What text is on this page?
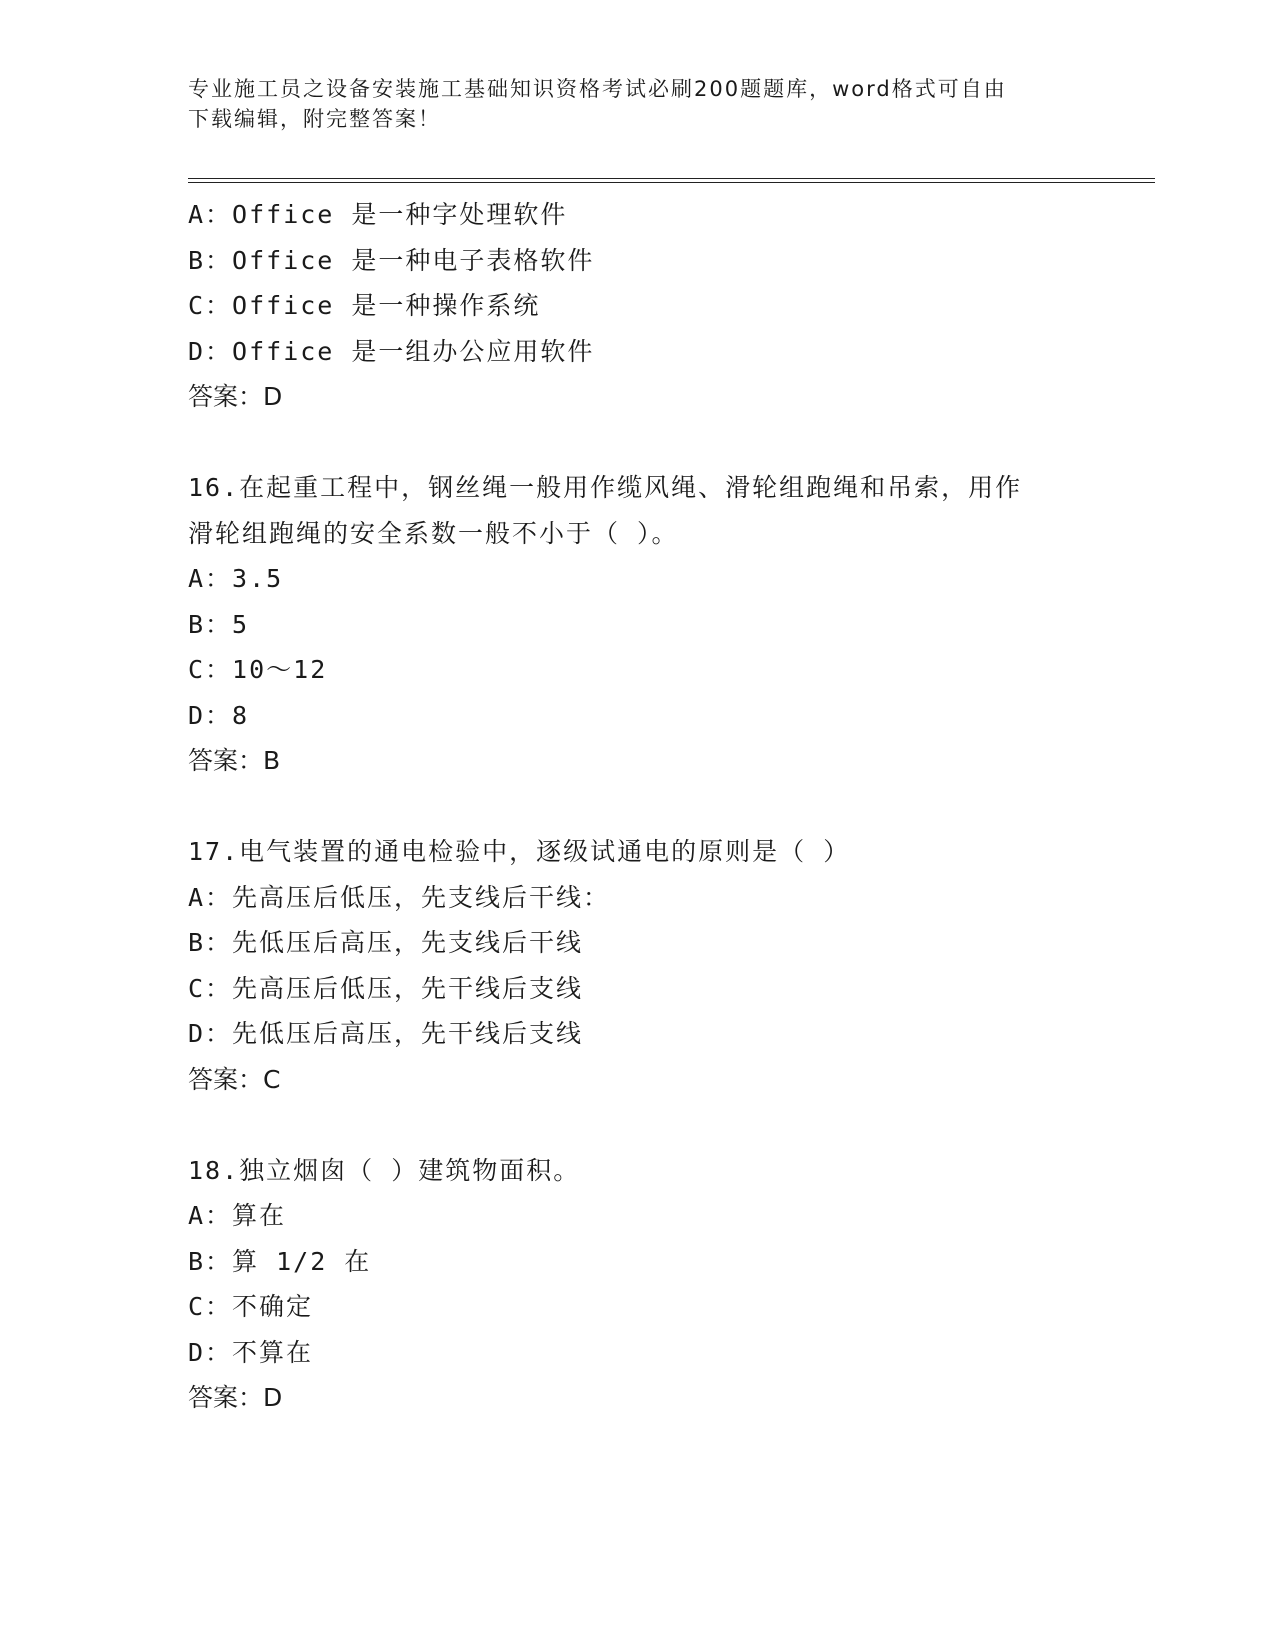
专业施工员之设备安装施工基础知识资格考试必刷200题题库，word格式可自由
下载编辑，附完整答案！
A：Office 是一种字处理软件
B：Office 是一种电子表格软件
C：Office 是一种操作系统
D：Office 是一组办公应用软件
答案：D
16.在起重工程中，钢丝绳一般用作缆风绳、滑轮组跑绳和吊索，用作
滑轮组跑绳的安全系数一般不小于（ ）。
A：3.5
B：5
C：10～12
D：8
答案：B
17.电气装置的通电检验中，逐级试通电的原则是（ ）
A：先高压后低压，先支线后干线：
B：先低压后高压，先支线后干线
C：先高压后低压，先干线后支线
D：先低压后高压，先干线后支线
答案：C
18.独立烟囱（ ）建筑物面积。
A：算在
B：算 1/2 在
C：不确定
D：不算在
答案：D
